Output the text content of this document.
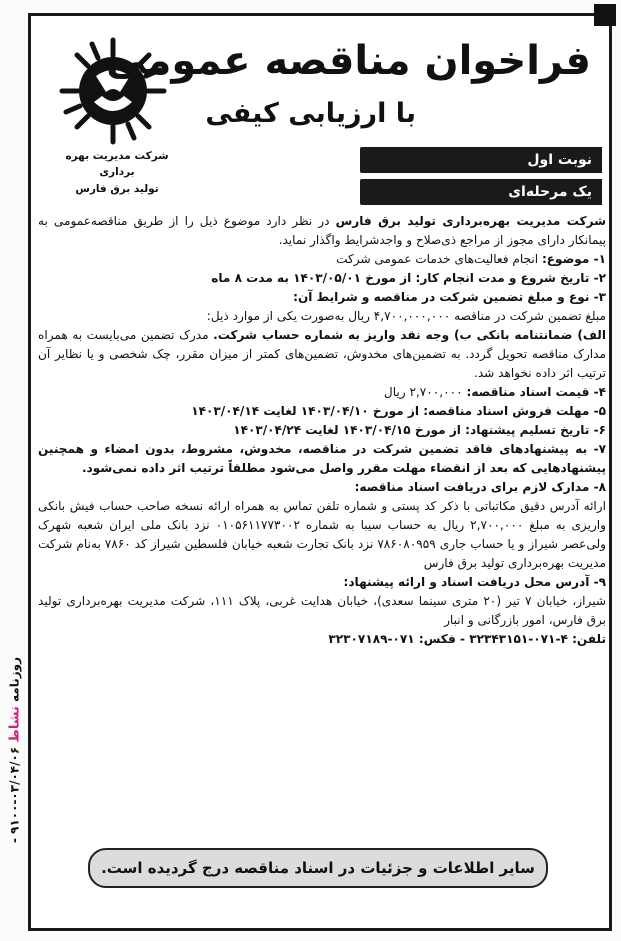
شرکت مدیریت بهره برداری
تولید برق فارس
فراخوان مناقصه عمومی
با ارزیابی کیفی
نوبت اول
یک مرحله‌ای

شرکت مدیریت بهره‌برداری تولید برق فارس در نظر دارد موضوع ذیل را از طریق مناقصه‌عمومی به پیمانکار دارای مجوز از مراجع ذی‌صلاح و واجدشرایط واگذار نماید.

۱- موضوع: انجام فعالیت‌های خدمات عمومی شرکت

۲- تاریخ شروع و مدت انجام کار: از مورخ ۱۴۰۳/۰۵/۰۱ به مدت ۸ ماه

۳- نوع و مبلغ تضمین شرکت در مناقصه و شرایط آن:

مبلغ تضمین شرکت در مناقصه ۴,۷۰۰,۰۰۰,۰۰۰ ریال به‌صورت یکی از موارد ذیل:

الف) ضمانتنامه بانکی ب) وجه نقد واریز به شماره حساب شرکت. مدرک تضمین می‌بایست به همراه مدارک مناقصه تحویل گردد. به تضمین‌های مخدوش، تضمین‌های کمتر از میزان مقرر، چک شخصی و یا نظایر آن ترتیب اثر داده نخواهد شد.

۴- قیمت اسناد مناقصه: ۲,۷۰۰,۰۰۰ ریال

۵- مهلت فروش اسناد مناقصه: از مورخ ۱۴۰۳/۰۴/۱۰ لغایت ۱۴۰۳/۰۴/۱۴

۶- تاریخ تسلیم پیشنهاد: از مورخ ۱۴۰۳/۰۴/۱۵ لغایت ۱۴۰۳/۰۴/۲۴

۷- به پیشنهادهای فاقد تضمین شرکت در مناقصه، مخدوش، مشروط، بدون امضاء و همچنین پیشنهادهایی که بعد از انقضاء مهلت مقرر واصل می‌شود مطلقاً ترتیب اثر داده نمی‌شود.

۸- مدارک لازم برای دریافت اسناد مناقصه:

ارائه آدرس دقیق مکاتباتی با ذکر کد پستی و شماره تلفن تماس به همراه ارائه نسخه صاحب حساب فیش بانکی واریزی به مبلغ ۲,۷۰۰,۰۰۰ ریال به حساب سیبا به شماره ۰۱۰۵۶۱۱۷۷۳۰۰۲ نزد بانک ملی ایران شعبه شهرک ولی‌عصر شیراز و یا حساب جاری ۷۸۶۰۸۰۹۵۹ نزد بانک تجارت شعبه خیابان فلسطین شیراز کد ۷۸۶۰ به‌نام شرکت مدیریت بهره‌برداری تولید برق فارس

۹- آدرس محل دریافت اسناد و ارائه پیشنهاد:

شیراز، خیابان ۷ تیر (۲۰ متری سینما سعدی)، خیابان هدایت غربی، پلاک ۱۱۱، شرکت مدیریت بهره‌برداری تولید برق فارس، امور بازرگانی و انبار

تلفن: ۴-۰۷۱-۳۲۳۴۳۱۵۱ - فکس: ۰۷۱-۳۲۳۰۷۱۸۹

سایر اطلاعات و جزئیات در اسناد مناقصه درج گردیده است.
روزنامه نشاط ۰۳/۰۴/۰۶-۹۱۰۰ -
